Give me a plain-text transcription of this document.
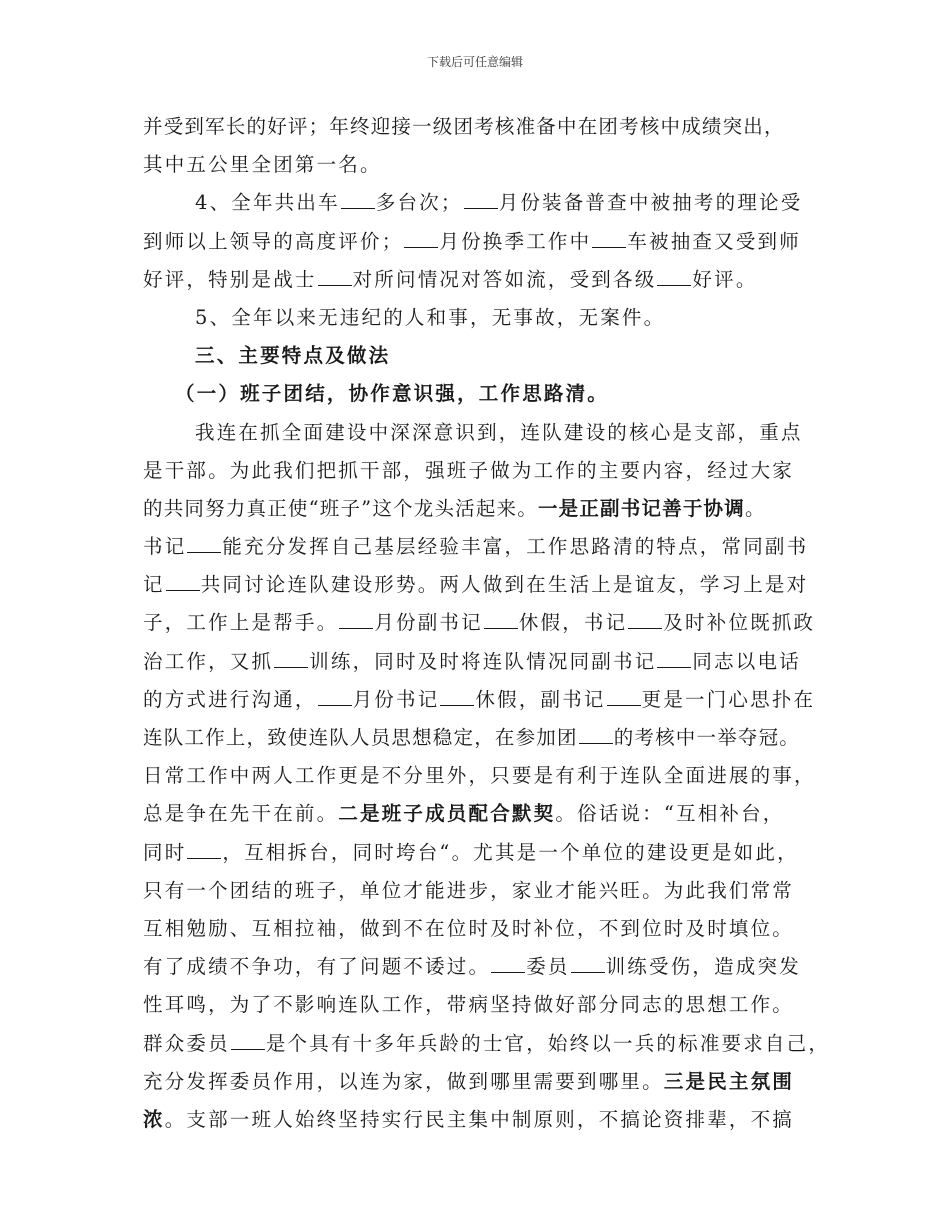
下载后可任意编辑
并受到军长的好评；年终迎接一级团考核准备中在团考核中成绩突出，
其中五公里全团第一名。
4、全年共出车 多台次； 月份装备普查中被抽考的理论受
到师以上领导的高度评价； 月份换季工作中 车被抽查又受到师
好评，特别是战士 对所问情况对答如流，受到各级 好评。
5、全年以来无违纪的人和事，无事故，无案件。
三、主要特点及做法
（一）班子团结，协作意识强，工作思路清。
我连在抓全面建设中深深意识到，连队建设的核心是支部，重点
是干部。为此我们把抓干部，强班子做为工作的主要内容，经过大家
的共同努力真正使“班子”这个龙头活起来。一是正副书记善于协调。
书记 能充分发挥自己基层经验丰富，工作思路清的特点，常同副书
记 共同讨论连队建设形势。两人做到在生活上是谊友，学习上是对
子，工作上是帮手。 月份副书记 休假，书记 及时补位既抓政
治工作，又抓 训练，同时及时将连队情况同副书记 同志以电话
的方式进行沟通， 月份书记 休假，副书记 更是一门心思扑在
连队工作上，致使连队人员思想稳定，在参加团 的考核中一举夺冠。
日常工作中两人工作更是不分里外，只要是有利于连队全面进展的事，
总是争在先干在前。二是班子成员配合默契。俗话说：“互相补台，
同时 ，互相拆台，同时垮台“。尤其是一个单位的建设更是如此，
只有一个团结的班子，单位才能进步，家业才能兴旺。为此我们常常
互相勉励、互相拉袖，做到不在位时及时补位，不到位时及时填位。
有了成绩不争功，有了问题不诿过。 委员 训练受伤，造成突发
性耳鸣，为了不影响连队工作，带病坚持做好部分同志的思想工作。
群众委员 是个具有十多年兵龄的士官，始终以一兵的标准要求自己，
充分发挥委员作用，以连为家，做到哪里需要到哪里。三是民主氛围
浓。支部一班人始终坚持实行民主集中制原则，不搞论资排辈，不搞
